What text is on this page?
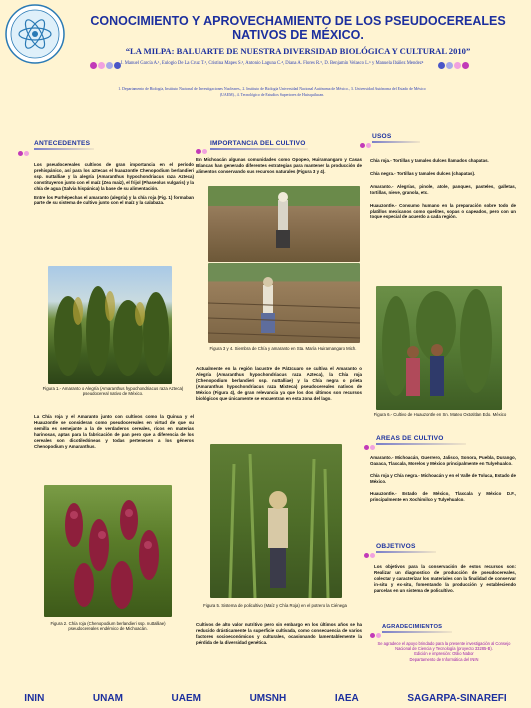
CONOCIMIENTO Y APROVECHAMIENTO DE LOS PSEUDOCEREALES NATIVOS DE MÉXICO.
“LA MILPA: BALUARTE DE NUESTRA DIVERSIDAD BIOLÓGICA Y CULTURAL 2010”
J. Manuel García A.¹, Eulogio De La Cruz T.², Cristina Mapes S.³, Antonio Laguna C.⁴, Diana A. Flores R.⁵, D. Benjamín Velasco L.⁶ y Manuela Ibáñez Mendez⁴
1. Departamento de Biología, Instituto Nacional de Investigaciones Nucleares., 2. Instituto de Biología Universidad Nacional Autónoma de México., 3. Universidad Autónoma del Estado de México (UAEM)., 4. Tecnológico de Estudios Superiores de Huixquilucan.
ANTECEDENTES

Los pseudocereales cultivos de gran importancia en el período prehispánico, así para los aztecas el huauzontle Chenopodium berlandieri ssp. nuttalliae y la alegría (Amaranthus hypochondriacus raza Azteca) constituyeron junto con el maíz (Zea maiz), el frijol (Phaseolus vulgaris) y la chía de agua (Salvia hispánica) la base de su alimentación.

Entre los Purhépechas el amaranto (alegría) y la chía roja (Fig. 1) formaban parte de su sistema de cultivo junto con el maíz y la calabaza.

Figura 1.- Amaranto o Alegría (Amaranthus hypochondriacus raza Azteca) pseudocereal nativo de México.
La Chía roja y el Amaranto junto con cultivos como la Quinua y el Huauzontle se consideran como pseudocereales en virtud de que su semilla es semejante a la de verdaderos cereales, ricos en materias harinosas, aptas para la fabricación de pan pero que a diferencia de los cereales son dicotiledóneas y todas pertenecen a los géneros Chenopodium y Amaranthus.
Figura 2. Chía roja (Chenopodium berlandieri ssp. nuttalliae) pseudocereales endémico de Michoacán.
IMPORTANCIA DEL CULTIVO
En Michoacán algunas comunidades como Opopeo, Huiramangaro y Casas Blancas han generado diferentes estrategias para mantener la producción de alimentos conservando sus recursos naturales (Figura 3 y 4).
Figura 3 y 4. Siembra de Chía y amaranto en Sta. María Huiramangaro Mich.
Actualmente en la región lacustre de Pátzcuaro se cultiva el Amaranto o Alegría (Amaranthus hypochondriacus raza Azteca), la Chía roja (Chenopodium berlandieri ssp. nuttalliae) y la Chía negra o prieta (Amaranthus hypochondriacus raza Mixteca) pseudocereales nativos de México (Figura 4), de gran relevancia ya que los dos últimos son recursos biológicos que únicamente se encuentran en esta zona del lago.
Figura 5. Sistema de policultivo (Maíz y Chía Roja) en el potrero la Ciénega
Cultivos de alto valor nutritivo pero sin embargo en los últimos años se ha reducido drásticamente la superficie cultivada, como consecuencia de varios factores socioeconómicos y culturales, ocasionando lamentablemente la pérdida de la diversidad genética.
USOS

Chía roja.- Tortillas y tamales dulces llamados chapatas.

Chía negra.- Tortillas y tamales dulces (chapatas).

Amaranto.- Alegrías, pinole, atole, panques, pasteles, galletas, tortillas, nieve, granola, etc.

Huauzontle.- Consumo humano en la preparación sobre todo de platillos mexicanos como quelites, sopas o capeados, pero con un toque especial de acuerdo a cada región.

Figura 6.- Cultivo de Huauzontle en Sn. Mateo Oxtotitlan Edo. México
AREAS DE CULTIVO

Amaranto.- Michoacán, Guerrero, Jalisco, Sonora, Puebla, Durango, Oaxaca, Tlaxcala, Morelos y México principalmente en Tulyehualco.

Chía roja y Chía negra.- Michoacán y en el Valle de Toluca, Estado de México.

Huauzontle.- Estado de México, Tlaxcala y México D.F., principalmente en Xochimilco y Tulyehualco.

OBJETIVOS
Los objetivos para la conservación de estos recursos son: Realizar un diagnostico de producción de pseudocereales, colectar y caracterizar los materiales con la finalidad de conservar in-situ y ex-situ, fomentando la producción y estableciendo parcelas en un sistema de policultivo.
AGRADECIMIENTOS
Se agradece el apoyo brindado para la presente investigación al Consejo Nacional de Ciencia y Tecnología (proyecto 33285-B).
Edición e impresión: Otilio Nabor
Departamento de Informática del ININ
ININ	UNAM	UAEM	UMSNH	IAEA	SAGARPA-SINAREFI
